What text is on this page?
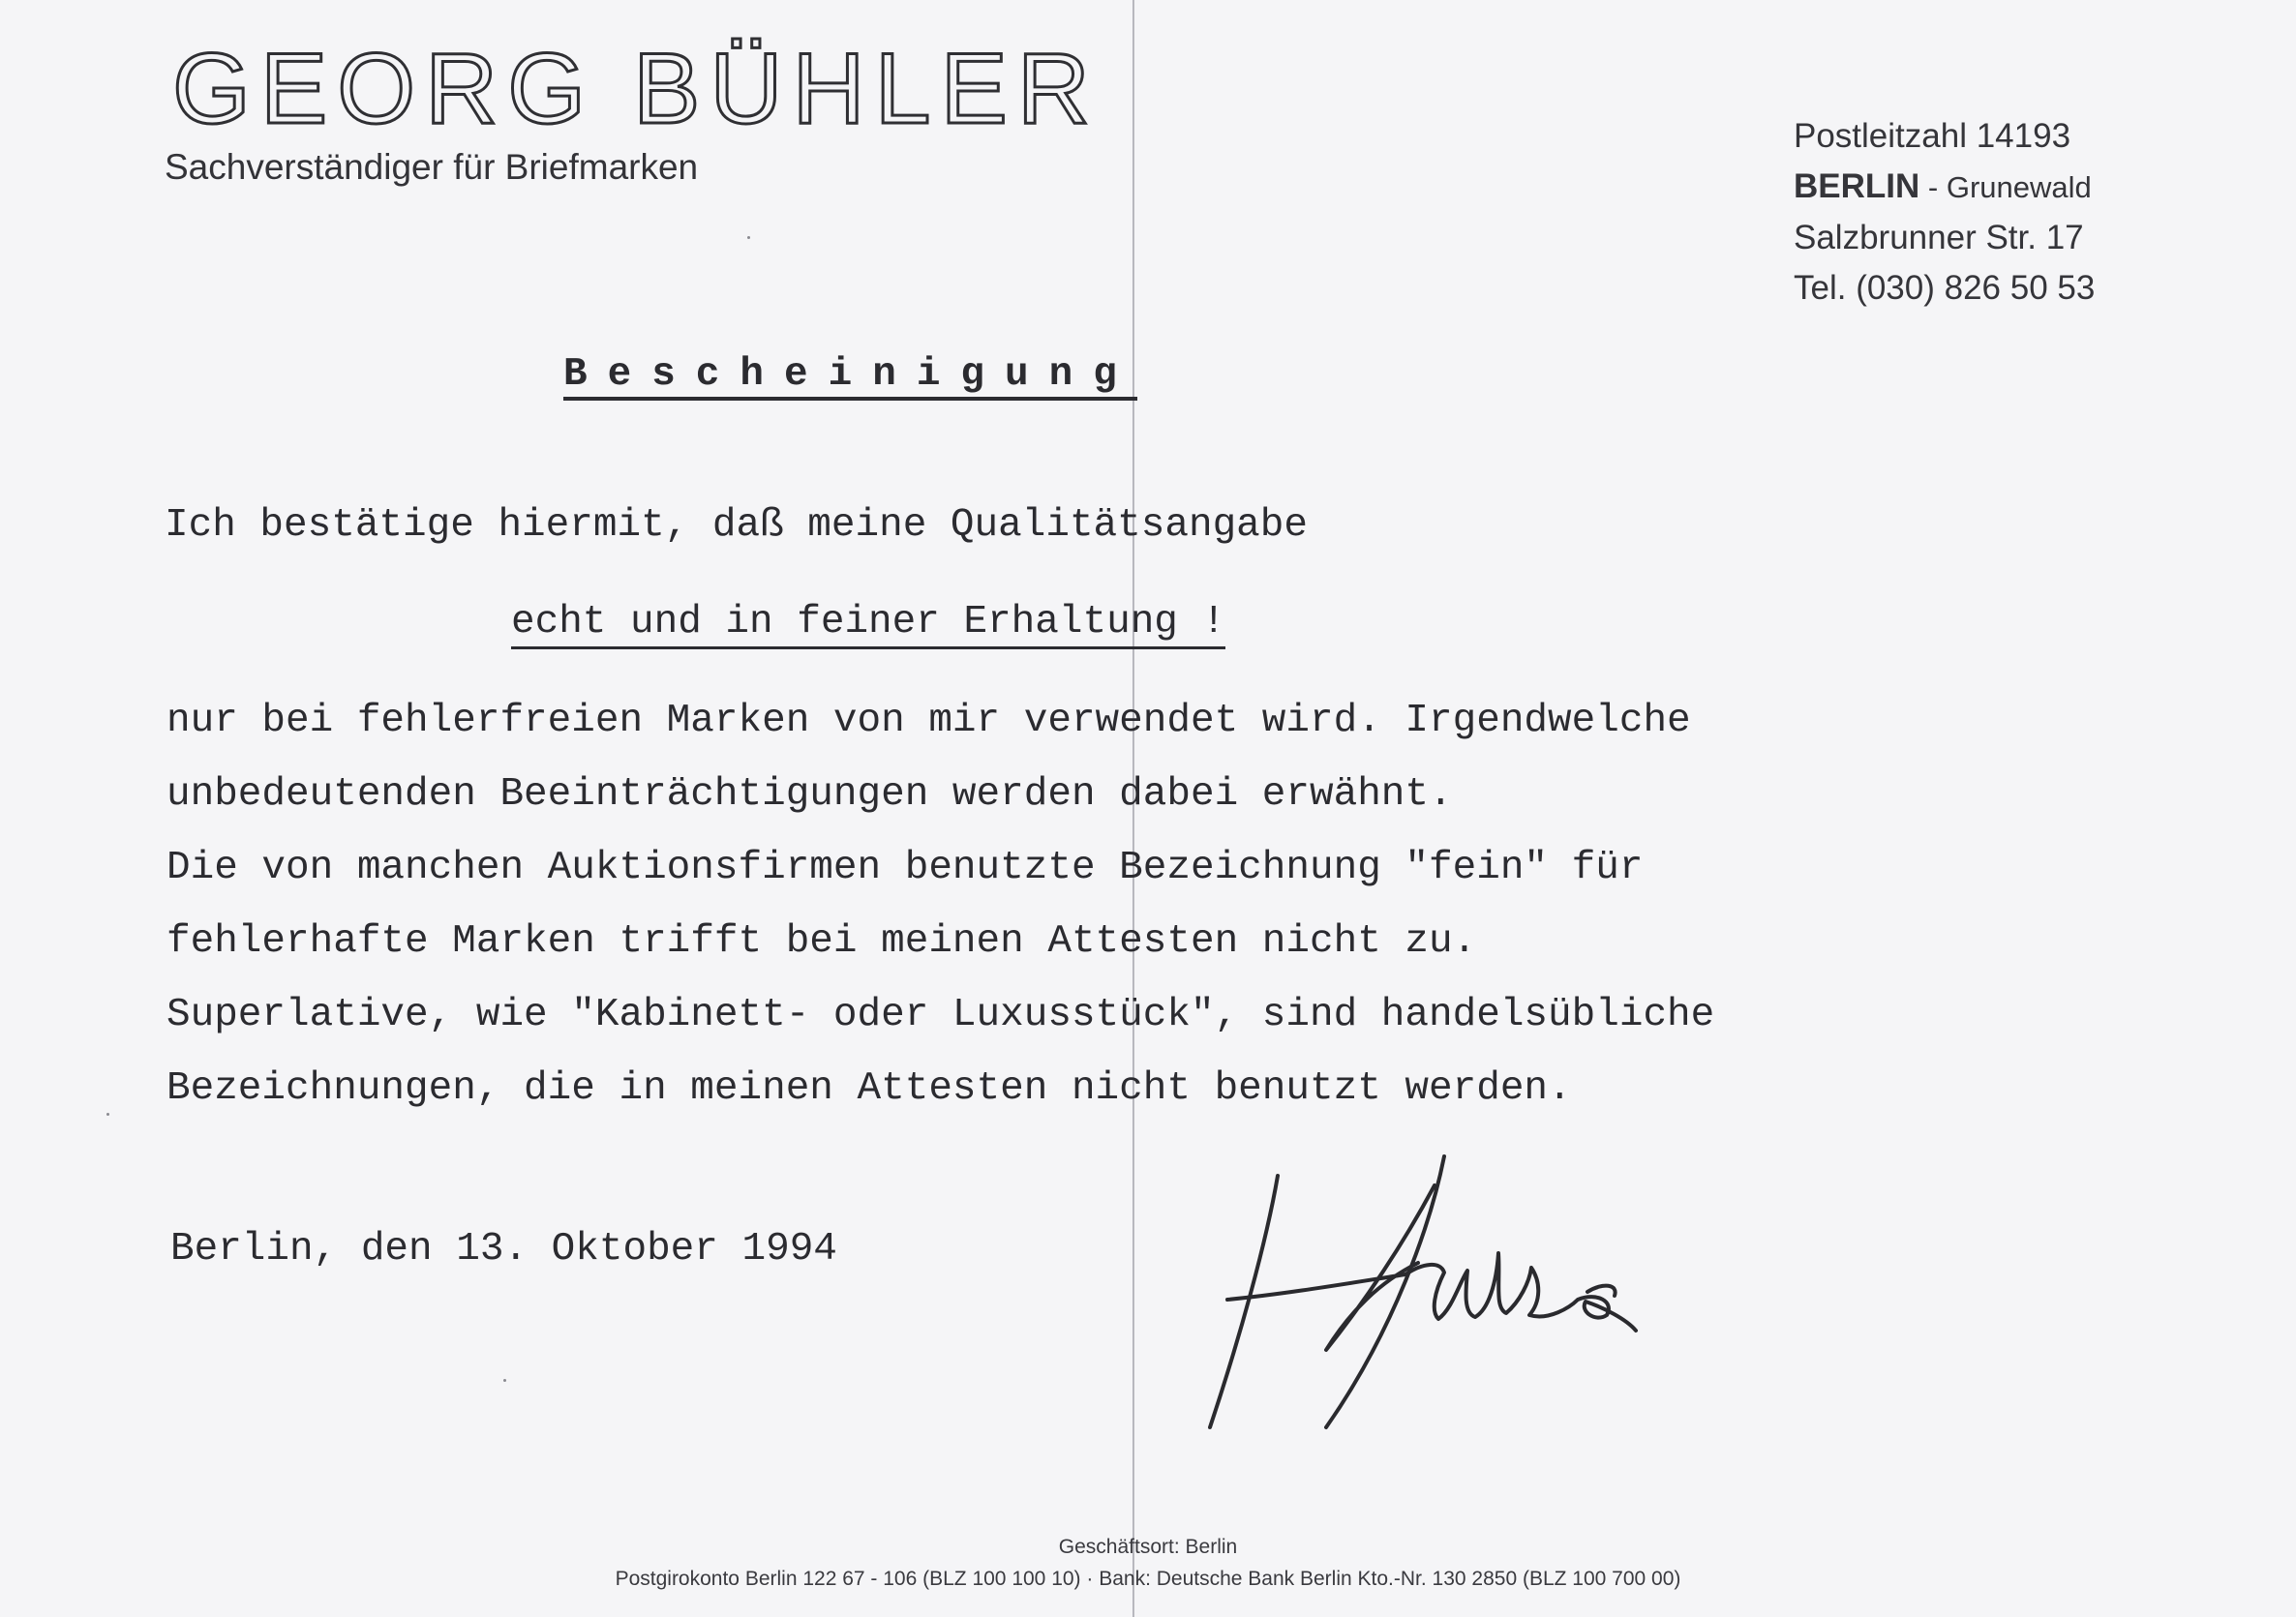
GEORG BÜHLER
Sachverständiger für Briefmarken
Postleitzahl 14193
BERLIN - Grunewald
Salzbrunner Str. 17
Tel. (030) 826 50 53
Bescheinigung
Ich bestätige hiermit, daß meine Qualitätsangabe
echt und in feiner Erhaltung !
nur bei fehlerfreien Marken von mir verwendet wird. Irgendwelche
unbedeutenden Beeinträchtigungen werden dabei erwähnt.
Die von manchen Auktionsfirmen benutzte Bezeichnung "fein" für
fehlerhafte Marken trifft bei meinen Attesten nicht zu.
Superlative, wie "Kabinett- oder Luxusstück", sind handelsübliche
Bezeichnungen, die in meinen Attesten nicht benutzt werden.
Berlin, den 13. Oktober 1994
Geschäftsort: Berlin
Postgirokonto Berlin 122 67 - 106 (BLZ 100 100 10) · Bank: Deutsche Bank Berlin Kto.-Nr. 130 2850 (BLZ 100 700 00)
